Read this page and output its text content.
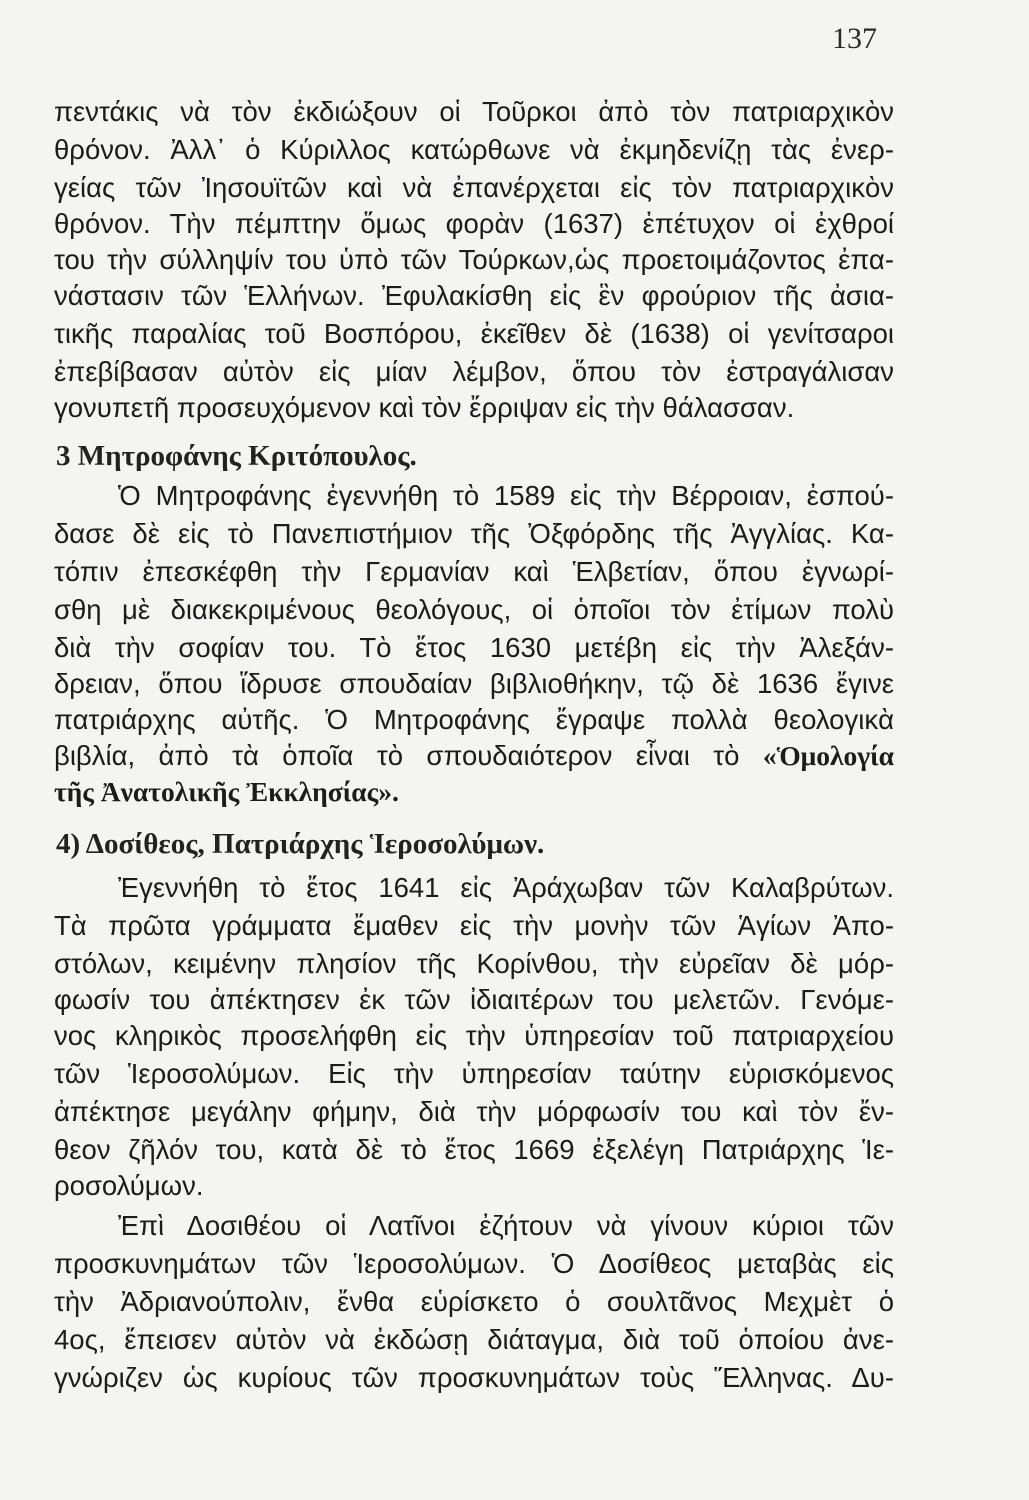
137
πεντάκις νὰ τὸν ἐκδιώξουν οἱ Τοῦρκοι ἀπὸ τὸν πατριαρχικὸν
θρόνον. Ἀλλ᾽ ὁ Κύριλλος κατώρθωνε νὰ ἐκμηδενίζῃ τὰς ἐνερ-
γείας τῶν Ἰησουϊτῶν καὶ νὰ ἐπανέρχεται εἰς τὸν πατριαρχικὸν
θρόνον. Τὴν πέμπτην ὅμως φορὰν (1637) ἐπέτυχον οἱ ἐχθροί
του τὴν σύλληψίν του ὑπὸ τῶν Τούρκων,ὡς προετοιμάζοντος ἐπα-
νάστασιν τῶν Ἑλλήνων. Ἐφυλακίσθη εἰς ἓν φρούριον τῆς ἀσια-
τικῆς παραλίας τοῦ Βοσπόρου, ἐκεῖθεν δὲ (1638) οἱ γενίτσαροι
ἐπεβίβασαν αὐτὸν εἰς μίαν λέμβον, ὅπου τὸν ἐστραγάλισαν
γονυπετῆ προσευχόμενον καὶ τὸν ἔρριψαν εἰς τὴν θάλασσαν.
3 Μητροφάνης Κριτόπουλος.
Ὁ Μητροφάνης ἐγεννήθη τὸ 1589 εἰς τὴν Βέρροιαν, ἐσπού-
δασε δὲ εἰς τὸ Πανεπιστήμιον τῆς Ὀξφόρδης τῆς Ἀγγλίας. Κα-
τόπιν ἐπεσκέφθη τὴν Γερμανίαν καὶ Ἑλβετίαν, ὅπου ἐγνωρί-
σθη μὲ διακεκριμένους θεολόγους, οἱ ὁποῖοι τὸν ἐτίμων πολὺ
διὰ τὴν σοφίαν του. Τὸ ἔτος 1630 μετέβη εἰς τὴν Ἀλεξάν-
δρειαν, ὅπου ἵδρυσε σπουδαίαν βιβλιοθήκην, τῷ δὲ 1636 ἔγινε
πατριάρχης αὐτῆς. Ὁ Μητροφάνης ἔγραψε πολλὰ θεολογικὰ
βιβλία, ἀπὸ τὰ ὁποῖα τὸ σπουδαιότερον εἶναι τὸ «Ὁμολογία
τῆς Ἀνατολικῆς Ἐκκλησίας».
4) Δοσίθεος, Πατριάρχης Ἱεροσολύμων.
Ἐγεννήθη τὸ ἔτος 1641 εἰς Ἀράχωβαν τῶν Καλαβρύτων.
Τὰ πρῶτα γράμματα ἔμαθεν εἰς τὴν μονὴν τῶν Ἁγίων Ἀπο-
στόλων, κειμένην πλησίον τῆς Κορίνθου, τὴν εὐρεῖαν δὲ μόρ-
φωσίν του ἀπέκτησεν ἐκ τῶν ἰδιαιτέρων του μελετῶν. Γενόμε-
νος κληρικὸς προσελήφθη εἰς τὴν ὑπηρεσίαν τοῦ πατριαρχείου
τῶν Ἱεροσολύμων. Εἰς τὴν ὑπηρεσίαν ταύτην εὑρισκόμενος
ἀπέκτησε μεγάλην φήμην, διὰ τὴν μόρφωσίν του καὶ τὸν ἔν-
θεον ζῆλόν του, κατὰ δὲ τὸ ἔτος 1669 ἐξελέγη Πατριάρχης Ἱε-
ροσολύμων.
Ἐπὶ Δοσιθέου οἱ Λατῖνοι ἐζήτουν νὰ γίνουν κύριοι τῶν
προσκυνημάτων τῶν Ἱεροσολύμων. Ὁ Δοσίθεος μεταβὰς εἰς
τὴν Ἀδριανούπολιν, ἔνθα εὑρίσκετο ὁ σουλτᾶνος Μεχμὲτ ὁ
4ος, ἔπεισεν αὐτὸν νὰ ἐκδώσῃ διάταγμα, διὰ τοῦ ὁποίου ἀνε-
γνώριζεν ὡς κυρίους τῶν προσκυνημάτων τοὺς Ἕλληνας. Δυ-
